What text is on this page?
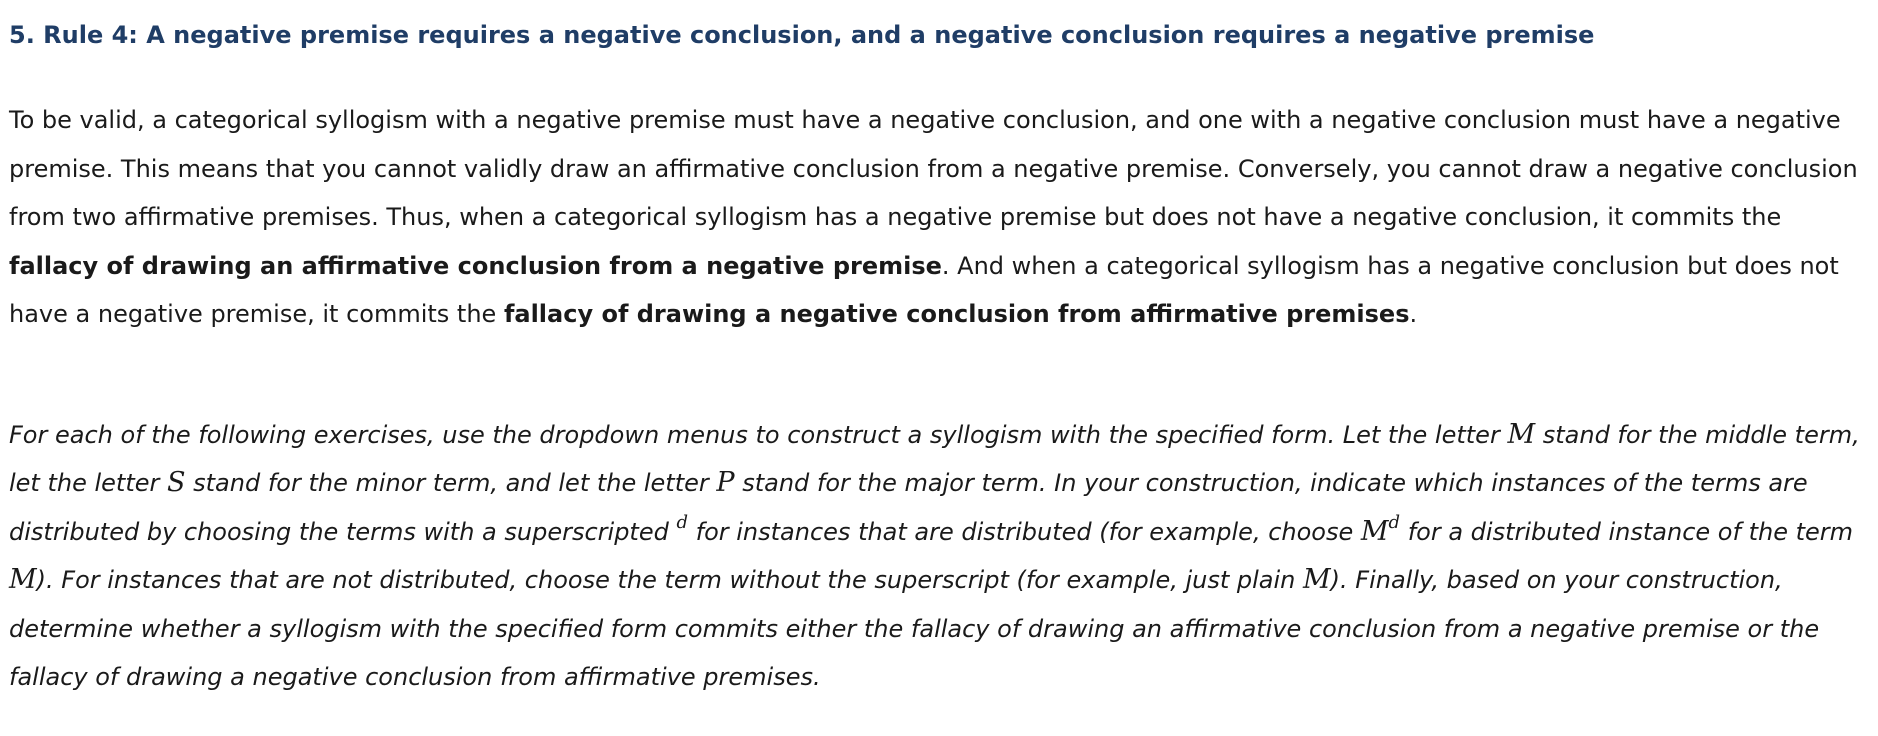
5. Rule 4: A negative premise requires a negative conclusion, and a negative conclusion requires a negative premise

To be valid, a categorical syllogism with a negative premise must have a negative conclusion, and one with a negative conclusion must have a negative premise. This means that you cannot validly draw an affirmative conclusion from a negative premise. Conversely, you cannot draw a negative conclusion from two affirmative premises. Thus, when a categorical syllogism has a negative premise but does not have a negative conclusion, it commits the fallacy of drawing an affirmative conclusion from a negative premise. And when a categorical syllogism has a negative conclusion but does not have a negative premise, it commits the fallacy of drawing a negative conclusion from affirmative premises.

For each of the following exercises, use the dropdown menus to construct a syllogism with the specified form. Let the letter M stand for the middle term, let the letter S stand for the minor term, and let the letter P stand for the major term. In your construction, indicate which instances of the terms are distributed by choosing the terms with a superscripted $^d$ for instances that are distributed (for example, choose $M^d$ for a distributed instance of the term M). For instances that are not distributed, choose the term without the superscript (for example, just plain M). Finally, based on your construction, determine whether a syllogism with the specified form commits either the fallacy of drawing an affirmative conclusion from a negative premise or the fallacy of drawing a negative conclusion from affirmative premises.
